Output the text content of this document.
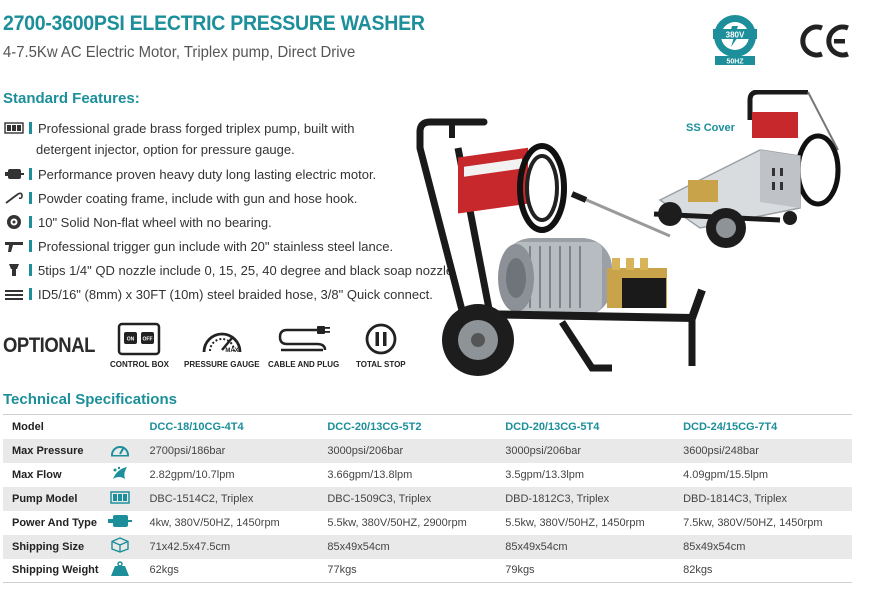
2700-3600PSI ELECTRIC PRESSURE WASHER
4-7.5Kw AC Electric Motor, Triplex pump, Direct Drive
380V
50HZ
CE
Standard Features:
Professional grade brass forged triplex pump, built with
detergent injector, option for pressure gauge.
Performance proven heavy duty long lasting electric motor.
Powder coating frame, include with gun and hose hook.
10" Solid Non-flat wheel with no bearing.
Professional trigger gun include with 20" stainless steel lance.
5tips 1/4" QD nozzle include 0, 15, 25, 40 degree and black soap nozzle.
ID5/16" (8mm) x 30FT (10m) steel braided hose, 3/8" Quick connect.
OPTIONAL	ON OFF
CONTROL BOX
MAX
PRESSURE GAUGE CABLE AND PLUG TOTAL STOP
SS Cover
Technical Specifications
Model		DCC-18/10CG-4T4	DCC-20/13CG-5T2	DCD-20/13CG-5T4	DCD-24/15CG-7T4
Max Pressure		2700psi/186bar	3000psi/206bar	3000psi/206bar	3600psi/248bar
Max Flow		2.82gpm/10.7lpm	3.66gpm/13.8lpm	3.5gpm/13.3lpm	4.09gpm/15.5lpm
Pump Model		DBC-1514C2, Triplex	DBC-1509C3, Triplex	DBD-1812C3, Triplex	DBD-1814C3, Triplex
Power And Type		4kw, 380V/50HZ, 1450rpm	5.5kw, 380V/50HZ, 2900rpm	5.5kw, 380V/50HZ, 1450rpm	7.5kw, 380V/50HZ, 1450rpm
Shipping Size		71x42.5x47.5cm	85x49x54cm	85x49x54cm	85x49x54cm
Shipping Weight		62kgs	77kgs	79kgs	82kgs
